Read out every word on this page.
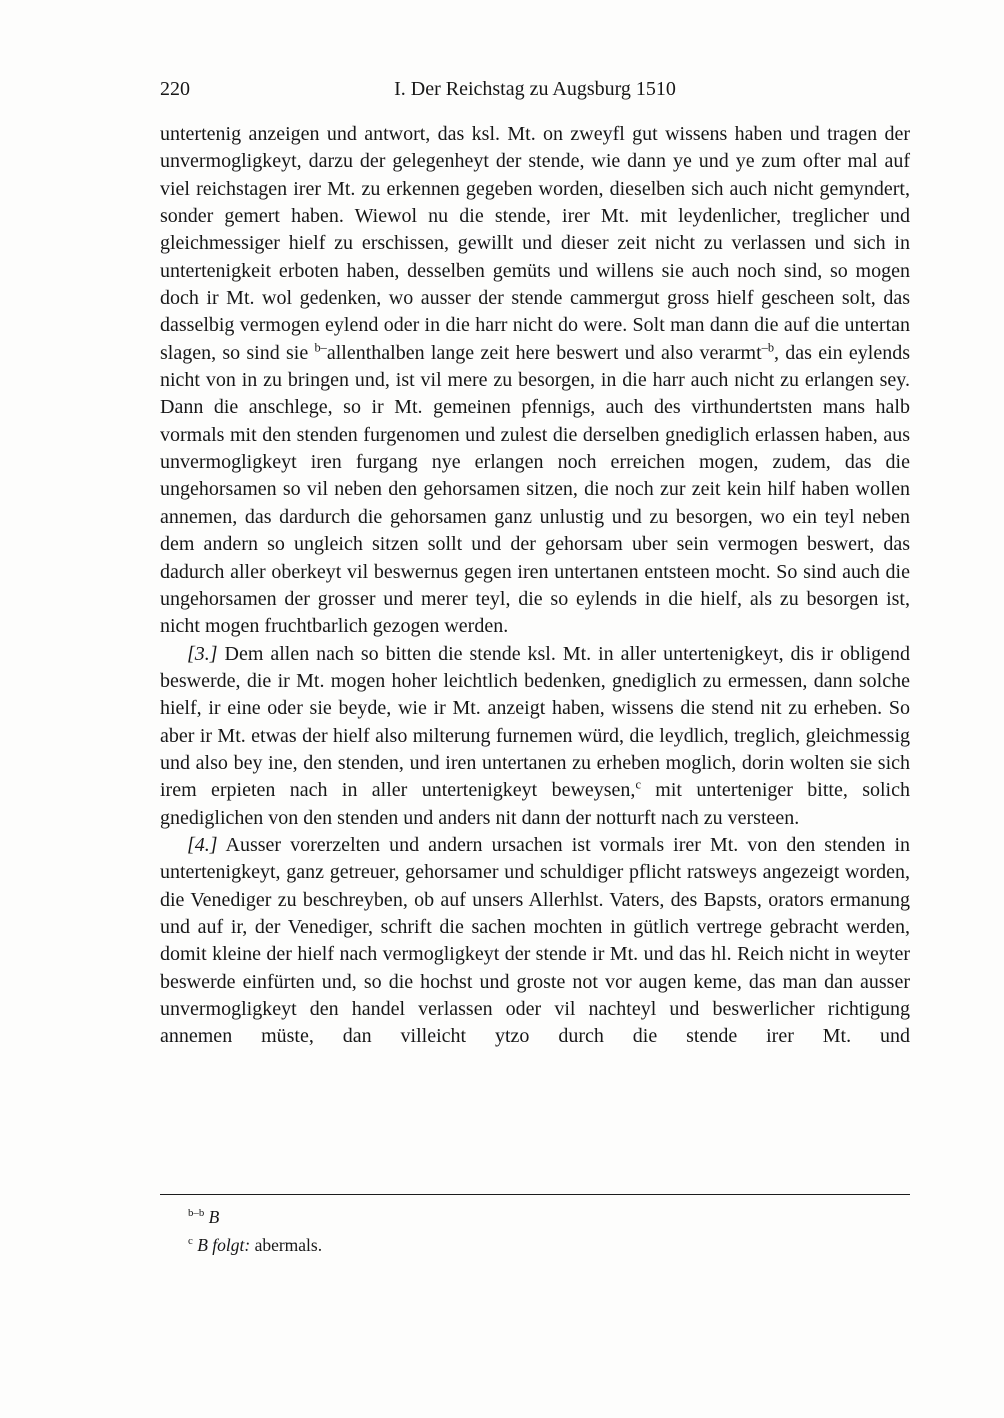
220	I. Der Reichstag zu Augsburg 1510

untertenig anzeigen und antwort, das ksl. Mt. on zweyfl gut wissens haben und tragen der unvermogligkeyt, darzu der gelegenheyt der stende, wie dann ye und ye zum ofter mal auf viel reichstagen irer Mt. zu erkennen gegeben worden, dieselben sich auch nicht gemyndert, sonder gemert haben. Wiewol nu die stende, irer Mt. mit leydenlicher, treglicher und gleichmessiger hielf zu erschissen, gewillt und dieser zeit nicht zu verlassen und sich in untertenigkeit erboten haben, desselben gemüts und willens sie auch noch sind, so mogen doch ir Mt. wol gedenken, wo ausser der stende cammergut gross hielf gescheen solt, das dasselbig vermogen eylend oder in die harr nicht do were. Solt man dann die auf die untertan slagen, so sind sie $^{b-}$allenthalben lange zeit here beswert und also verarmt$^{-b}$, das ein eylends nicht von in zu bringen und, ist vil mere zu besorgen, in die harr auch nicht zu erlangen sey. Dann die anschlege, so ir Mt. gemeinen pfennigs, auch des virthundertsten mans halb vormals mit den stenden furgenomen und zulest die derselben gnediglich erlassen haben, aus unvermogligkeyt iren furgang nye erlangen noch erreichen mogen, zudem, das die ungehorsamen so vil neben den gehorsamen sitzen, die noch zur zeit kein hilf haben wollen annemen, das dardurch die gehorsamen ganz unlustig und zu besorgen, wo ein teyl neben dem andern so ungleich sitzen sollt und der gehorsam uber sein vermogen beswert, das dadurch aller oberkeyt vil beswernus gegen iren untertanen entsteen mocht. So sind auch die ungehorsamen der grosser und merer teyl, die so eylends in die hielf, als zu besorgen ist, nicht mogen fruchtbarlich gezogen werden.

[3.] Dem allen nach so bitten die stende ksl. Mt. in aller untertenigkeyt, dis ir obligend beswerde, die ir Mt. mogen hoher leichtlich bedenken, gnediglich zu ermessen, dann solche hielf, ir eine oder sie beyde, wie ir Mt. anzeigt haben, wissens die stend nit zu erheben. So aber ir Mt. etwas der hielf also milterung furnemen würd, die leydlich, treglich, gleichmessig und also bey ine, den stenden, und iren untertanen zu erheben moglich, dorin wolten sie sich irem erpieten nach in aller untertenigkeyt beweysen,$^c$ mit unterteniger bitte, solich gnediglichen von den stenden und anders nit dann der notturft nach zu versteen.

[4.] Ausser vorerzelten und andern ursachen ist vormals irer Mt. von den stenden in untertenigkeyt, ganz getreuer, gehorsamer und schuldiger pflicht ratsweys angezeigt worden, die Venediger zu beschreyben, ob auf unsers Allerhlst. Vaters, des Bapsts, orators ermanung und auf ir, der Venediger, schrift die sachen mochten in gütlich vertrege gebracht werden, domit kleine der hielf nach vermogligkeyt der stende ir Mt. und das hl. Reich nicht in weyter beswerde einfürten und, so die hochst und groste not vor augen keme, das man dan ausser unvermogligkeyt den handel verlassen oder vil nachteyl und beswerlicher richtigung annemen müste, dan villeicht ytzo durch die stende irer Mt. und

$^{b-b}$ B

$^c$ B folgt: abermals.
